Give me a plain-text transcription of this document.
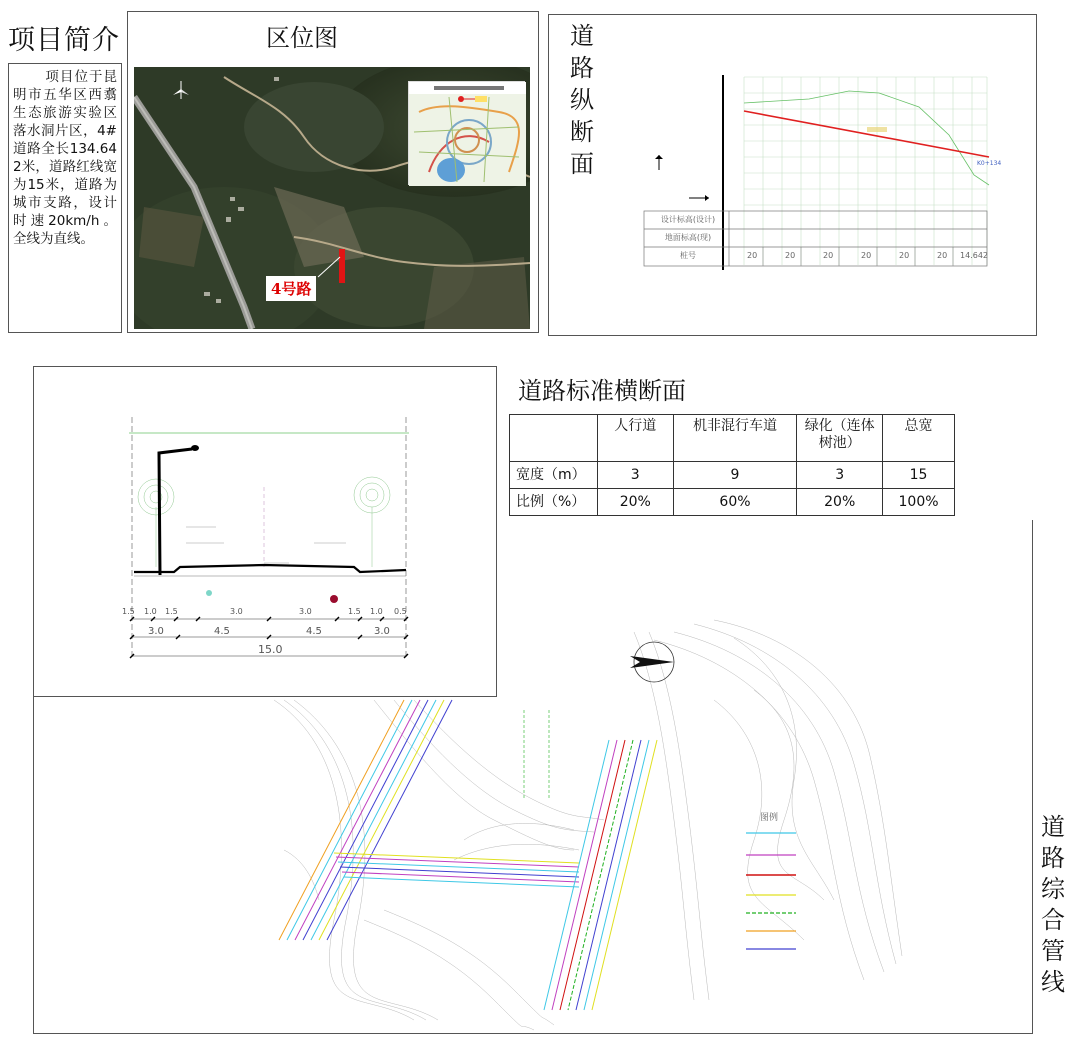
项目简介

项目位于昆明市五华区西翥生态旅游实验区落水洞片区，4#道路全长134.642米，道路红线宽为15米，道路为城市支路，设计时速20km/h。全线为直线。

区位图
4号路
K0+134
设计标高(设计)
地面标高(现)
桩号	20	20	20	20	20	20 14.642
道路纵断面
图例	道路综合管线
1.5 1.0 1.5	3.0	3.0	1.5 1.0 0.5
3.0	4.5	4.5	3.0
15.0
道路标准横断面
	人行道	机非混行车道	绿化（连体树池）	总宽
宽度（m）	3	9	3	15
比例（%）	20%	60%	20%	100%
